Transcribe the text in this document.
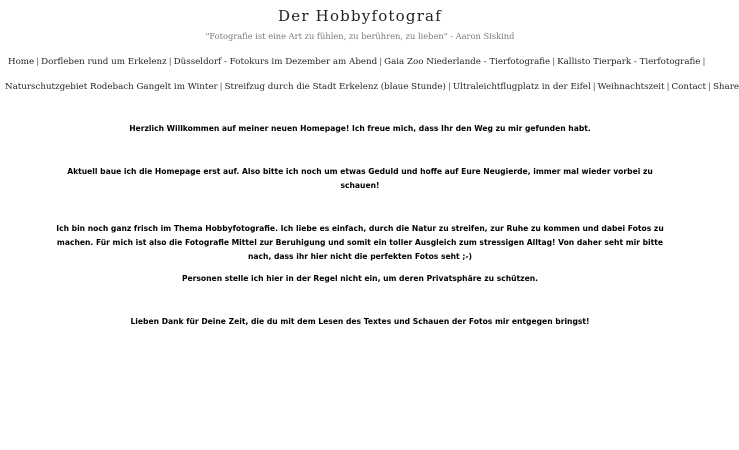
Der Hobbyfotograf
"Fotografie ist eine Art zu fühlen, zu berühren, zu lieben" - Aaron Siskind
Home | Dorfleben rund um Erkelenz | Düsseldorf - Fotokurs im Dezember am Abend | Gaia Zoo Niederlande - Tierfotografie | Kallisto Tierpark - Tierfotografie |
Naturschutzgebiet Rodebach Gangelt im Winter | Streifzug durch die Stadt Erkelenz (blaue Stunde) | Ultraleichtflugplatz in der Eifel | Weihnachtszeit | Contact | Share

Herzlich Willkommen auf meiner neuen Homepage! Ich freue mich, dass Ihr den Weg zu mir gefunden habt.

Aktuell baue ich die Homepage erst auf. Also bitte ich noch um etwas Geduld und hoffe auf Eure Neugierde, immer mal wieder vorbei zu schauen!

Ich bin noch ganz frisch im Thema Hobbyfotografie. Ich liebe es einfach, durch die Natur zu streifen, zur Ruhe zu kommen und dabei Fotos zu machen. Für mich ist also die Fotografie Mittel zur Beruhigung und somit ein toller Ausgleich zum stressigen Alltag! Von daher seht mir bitte nach, dass ihr hier nicht die perfekten Fotos seht ;-)

Personen stelle ich hier in der Regel nicht ein, um deren Privatsphäre zu schützen.

Lieben Dank für Deine Zeit, die du mit dem Lesen des Textes und Schauen der Fotos mir entgegen bringst!
